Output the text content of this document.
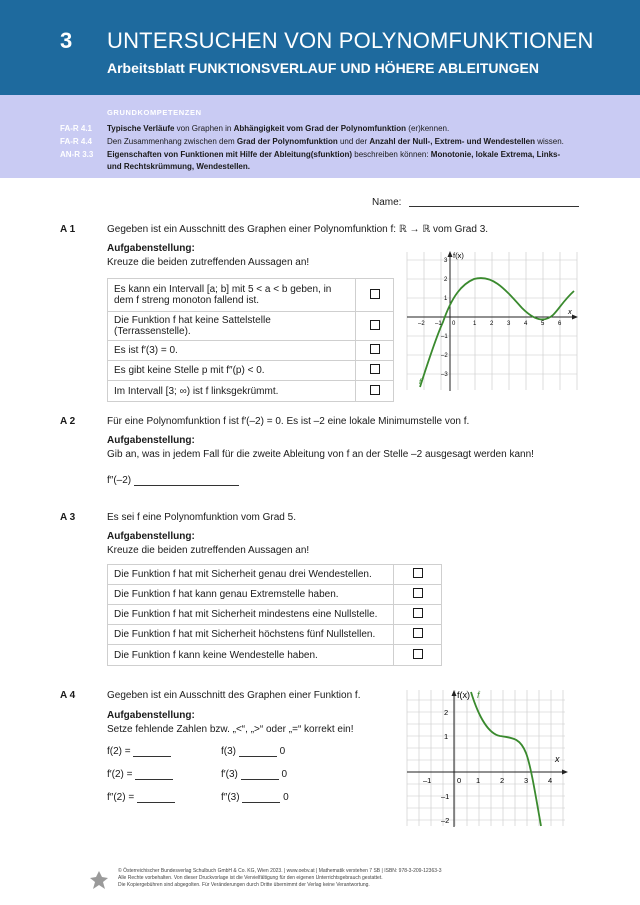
3 UNTERSUCHEN VON POLYNOMFUNKTIONEN
Arbeitsblatt FUNKTIONSVERLAUF UND HÖHERE ABLEITUNGEN
GRUNDKOMPETENZEN
FA-R 4.1 Typische Verläufe von Graphen in Abhängigkeit vom Grad der Polynomfunktion (er)kennen.
FA-R 4.4 Den Zusammenhang zwischen dem Grad der Polynomfunktion und der Anzahl der Null-, Extrem- und Wendestellen wissen.
AN-R 3.3 Eigenschaften von Funktionen mit Hilfe der Ableitung(sfunktion) beschreiben können: Monotonie, lokale Extrema, Links- und Rechtskrümmung, Wendestellen.
Name:
A 1	Gegeben ist ein Ausschnitt des Graphen einer Polynomfunktion f: ℝ → ℝ vom Grad 3.
Aufgabenstellung:
Kreuze die beiden zutreffenden Aussagen an!
Es kann ein Intervall [a; b] mit 5 < a < b geben, in
dem f streng monoton fallend ist.	
Die Funktion f hat keine Sattelstelle (Terrassenstelle).	
Es ist f′(3) = 0.	
Es gibt keine Stelle p mit f″(p) < 0.	
Im Intervall [3; ∞) ist f linksgekrümmt.	
f(x)
x
f
–2 –1 0	1 2 3 4 5 6
3
2
1
–1
–2
–3
A 2	Für eine Polynomfunktion f ist f′(–2) = 0. Es ist –2 eine lokale Minimumstelle von f.
Aufgabenstellung:
Gib an, was in jedem Fall für die zweite Ableitung von f an der Stelle –2 ausgesagt werden kann!
f″(–2)
A 3	Es sei f eine Polynomfunktion vom Grad 5.
Aufgabenstellung:
Kreuze die beiden zutreffenden Aussagen an!
Die Funktion f hat mit Sicherheit genau drei Wendestellen.	
Die Funktion f hat kann genau Extremstelle haben.	
Die Funktion f hat mit Sicherheit mindestens eine Nullstelle.	
Die Funktion f hat mit Sicherheit höchstens fünf Nullstellen.	
Die Funktion f kann keine Wendestelle haben.	
A 4	Gegeben ist ein Ausschnitt des Graphen einer Funktion f.
Aufgabenstellung:
Setze fehlende Zahlen bzw. „<“, „>“ oder „=“ korrekt ein!
f(2) =	f(3)	0
f′(2) =	f′(3)	0
f″(2) =	f″(3)	0
f(x) f
x
–1	0 1	2	3	4
2
1
–1
–2
© Österreichischer Bundesverlag Schulbuch GmbH & Co. KG, Wien 2023. | www.oebv.at | Mathematik verstehen 7 SB | ISBN: 978-3-209-12363-3
Alle Rechte vorbehalten. Von dieser Druckvorlage ist die Vervielfältigung für den eigenen Unterrichtsgebrauch gestattet.
Die Kopiergebühren sind abgegolten. Für Veränderungen durch Dritte übernimmt der Verlag keine Verantwortung.
